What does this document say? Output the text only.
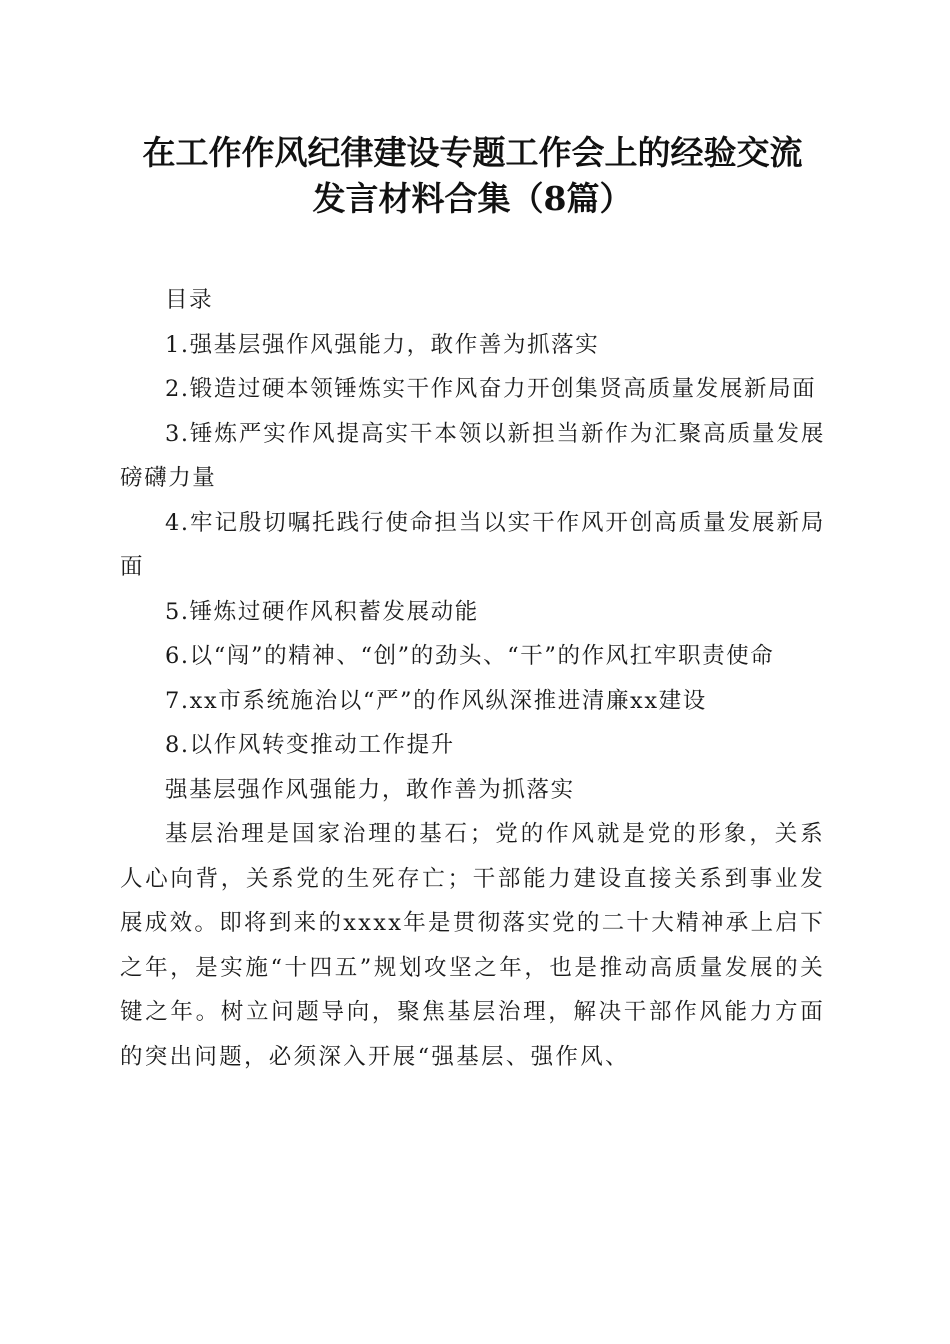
在工作作风纪律建设专题工作会上的经验交流
发言材料合集（8篇）

目录

1.强基层强作风强能力，敢作善为抓落实

2.锻造过硬本领锤炼实干作风奋力开创集贤高质量发展新局面

3.锤炼严实作风提高实干本领以新担当新作为汇聚高质量发展磅礴力量

4.牢记殷切嘱托践行使命担当以实干作风开创高质量发展新局面

5.锤炼过硬作风积蓄发展动能

6.以“闯”的精神、“创”的劲头、“干”的作风扛牢职责使命

7.xx市系统施治以“严”的作风纵深推进清廉xx建设

8.以作风转变推动工作提升

强基层强作风强能力，敢作善为抓落实

基层治理是国家治理的基石；党的作风就是党的形象，关系人心向背，关系党的生死存亡；干部能力建设直接关系到事业发展成效。即将到来的xxxx年是贯彻落实党的二十大精神承上启下之年，是实施“十四五”规划攻坚之年，也是推动高质量发展的关键之年。树立问题导向，聚焦基层治理，解决干部作风能力方面的突出问题，必须深入开展“强基层、强作风、
